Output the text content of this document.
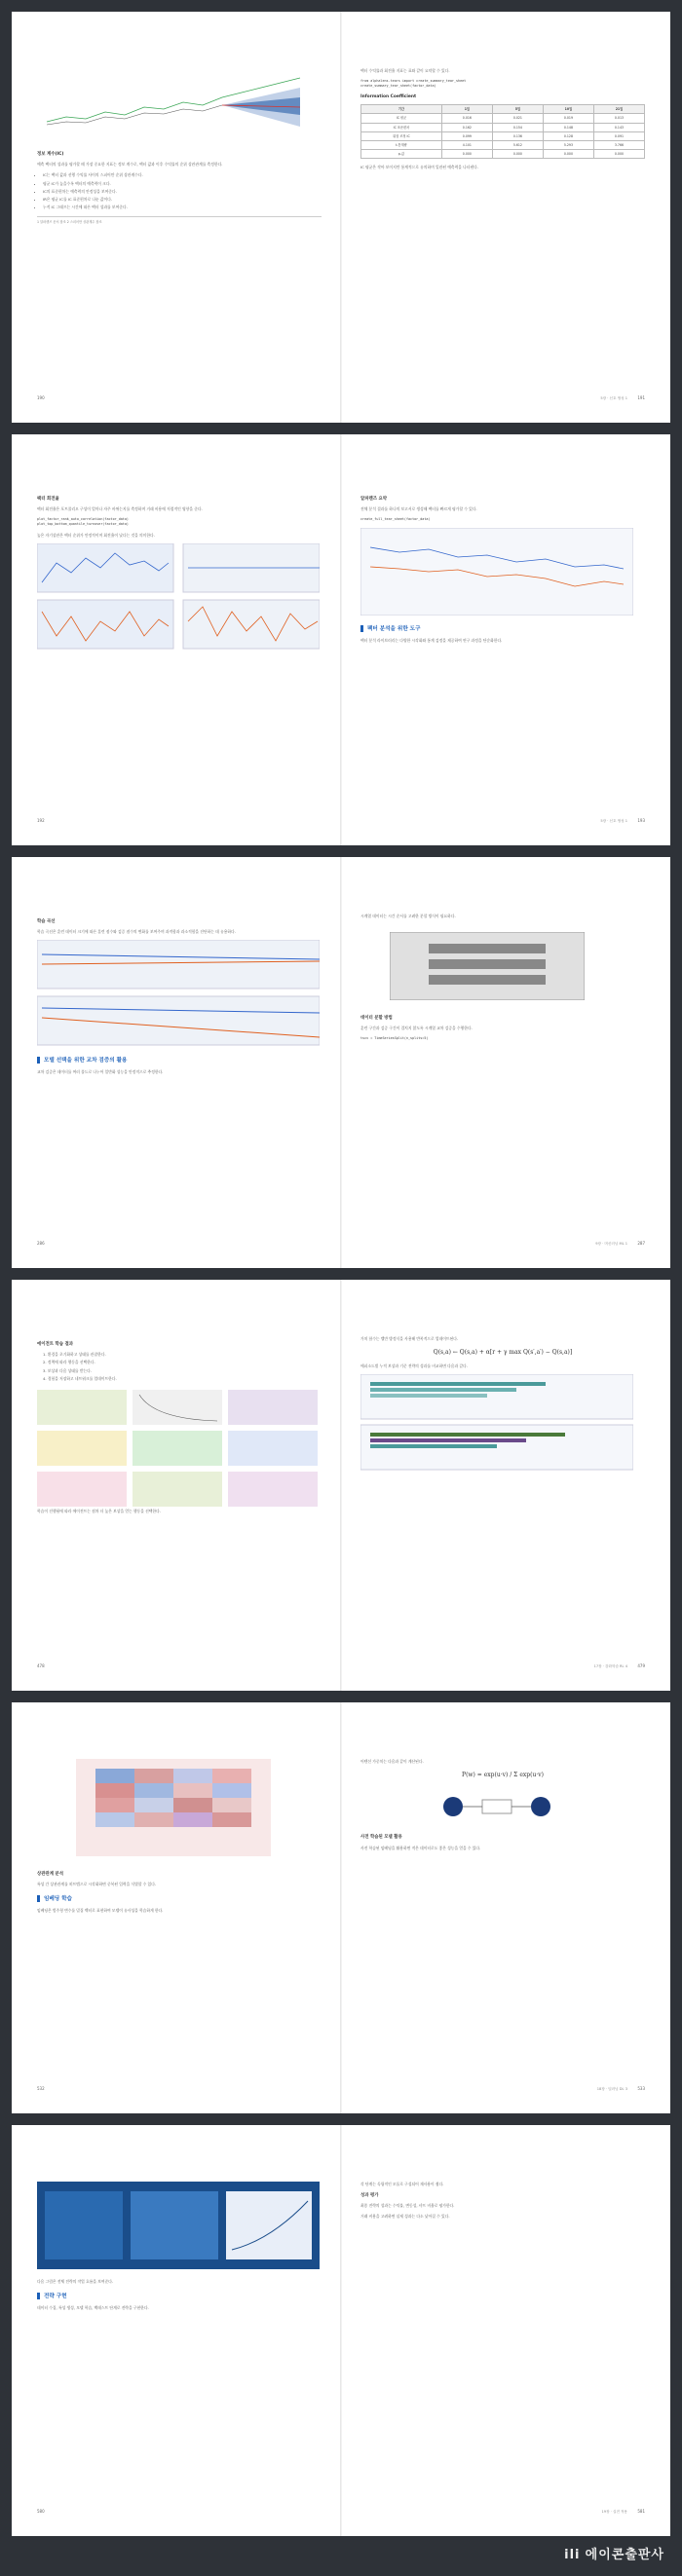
정보 계수(IC)
예측 팩터의 성과를 평가할 때 가장 중요한 지표는 정보 계수로, 팩터 값과 이후 수익률의 순위 상관관계를 측정한다.
• IC는 팩터 값과 선행 수익률 사이의 스피어만 순위 상관계수다.
• 평균 IC가 높을수록 팩터의 예측력이 크다.
• IC의 표준편차는 예측력의 안정성을 보여준다.
• IR은 평균 IC를 IC 표준편차로 나눈 값이다.
• 누적 IC 그래프는 시간에 따른 팩터 성과를 보여준다.
1 알파렌즈 문서 참조 2 스피어만 상관계수 참조
190
팩터 수익률과 회전율 지표는 표와 같이 요약할 수 있다.
from alphalens.tears import create_summary_tear_sheet
create_summary_tear_sheet(factor_data)
Information Coefficient
기간	1일	5일	10일	21일
IC 평균	0.016	0.021	0.019	0.013
IC 표준편차	0.162	0.154	0.148	0.143
위험 조정 IC	0.099	0.136	0.128	0.091
t-통계량	4.101	5.612	5.293	3.766
p-값	0.000	0.000	0.000	0.000
IC 평균은 작아 보이지만 통계적으로 유의하며 일관된 예측력을 나타낸다.
5장 · 신호 생성 1	191
팩터 회전율
팩터 회전율은 포트폴리오 구성이 얼마나 자주 바뀌는지를 측정하며 거래 비용에 직접적인 영향을 준다.
plot_factor_rank_auto_correlation(factor_data)
plot_top_bottom_quantile_turnover(factor_data)
높은 자기상관은 팩터 순위가 안정적이며 회전율이 낮다는 것을 의미한다.
192
알파렌즈 요약
전체 분석 결과를 하나의 보고서로 생성해 팩터를 빠르게 평가할 수 있다.
create_full_tear_sheet(factor_data)
팩터 분석을 위한 도구
팩터 분석 라이브러리는 다양한 시각화와 통계 검정을 제공하여 연구 과정을 단순화한다.
5장 · 신호 생성 1	193
학습 곡선
학습 곡선은 훈련 데이터 크기에 따른 훈련 점수와 검증 점수의 변화를 보여주며 과적합과 과소적합을 진단하는 데 유용하다.
모델 선택을 위한 교차 검증의 활용
교차 검증은 데이터를 여러 폴드로 나누어 일반화 성능을 안정적으로 추정한다.
286
시계열 데이터는 시간 순서를 고려한 분할 방식이 필요하다.
데이터 분할 방법
훈련 구간과 검증 구간이 겹치지 않도록 시계열 교차 검증을 수행한다.
tscv = TimeSeriesSplit(n_splits=5)
9장 · 머신러닝 ML 1	287
에이전트 학습 결과
1. 환경을 초기화하고 상태를 관찰한다.
2. 정책에 따라 행동을 선택한다.
3. 보상과 다음 상태를 받는다.
4. 경험을 저장하고 네트워크를 업데이트한다.
학습이 진행됨에 따라 에이전트는 점차 더 높은 보상을 얻는 행동을 선택한다.
478
가치 함수는 벨만 방정식을 사용해 반복적으로 업데이트된다.
Q(s,a) ← Q(s,a) + α[r + γ max Q(s′,a′) − Q(s,a)]
에피소드별 누적 보상과 기준 전략의 성과를 비교하면 다음과 같다.
17장 · 강화학습 RL 4	479
상관관계 분석
특성 간 상관관계를 히트맵으로 시각화하면 중복된 입력을 식별할 수 있다.
임베딩 학습
임베딩은 범주형 변수를 밀집 벡터로 표현하여 모델이 유사성을 학습하게 한다.
532
어텐션 가중치는 다음과 같이 계산된다.
P(w) = exp(u·v) / Σ exp(u·v)
사전 학습된 모델 활용
사전 학습된 임베딩을 활용하면 적은 데이터로도 좋은 성능을 얻을 수 있다.
18장 · 딥러닝 DL 3	533
다음 그림은 전체 전략의 작업 흐름을 보여준다.
전략 구현
데이터 수집, 특성 생성, 모델 학습, 백테스트 단계로 전략을 구현한다.
580
각 단계는 독립적인 모듈로 구성되어 재사용이 쉽다.
성과 평가
최종 전략의 성과는 수익률, 변동성, 샤프 비율로 평가한다.
거래 비용을 고려하면 실제 성과는 다소 낮아질 수 있다.
19장 · 실전 적용	581
ili 에이콘출판사
